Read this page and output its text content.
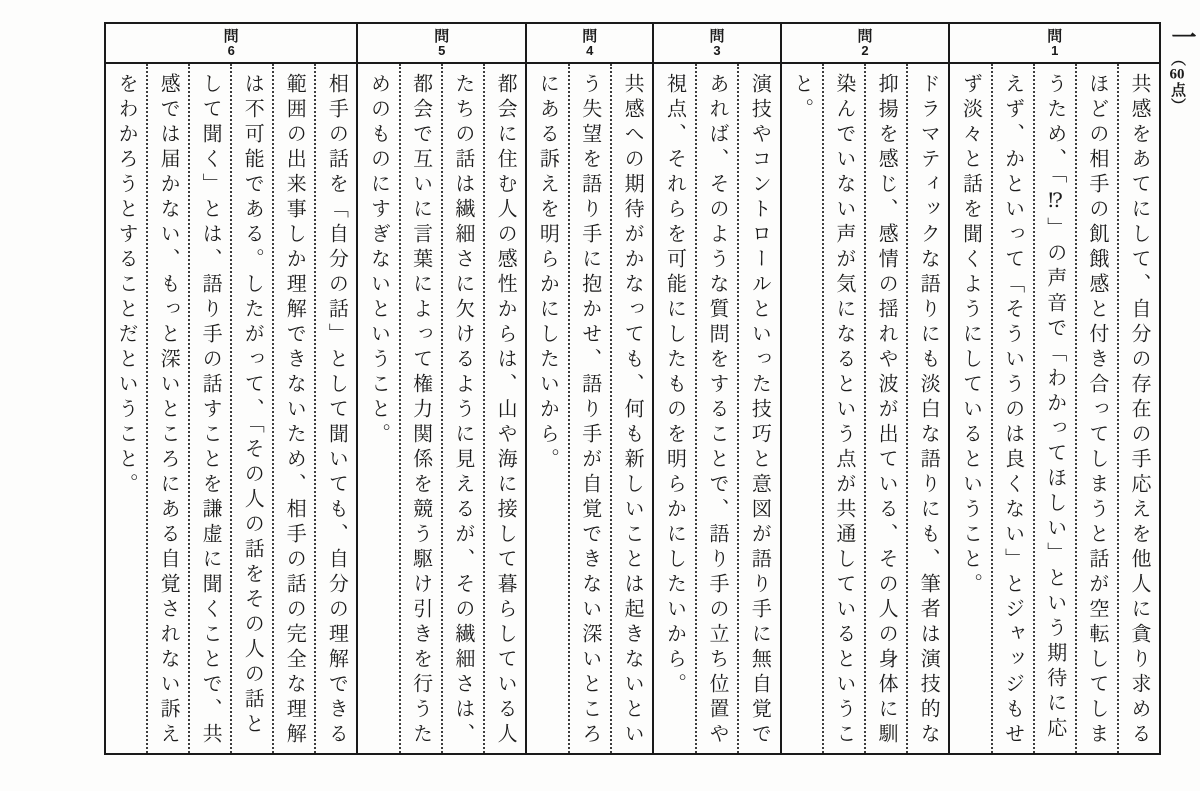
一
（60点）
問
1
共感をあてにして、自分の存在の手応えを他人に貪り求める
ほどの相手の飢餓感と付き合ってしまうと話が空転してしま
うため、「⁉」の声音で「わかってほしい」という期待に応
えず、かといって「そういうのは良くない」とジャッジもせ
ず淡々と話を聞くようにしているということ。
問
2
ドラマティックな語りにも淡白な語りにも、筆者は演技的な
抑揚を感じ、感情の揺れや波が出ている、その人の身体に馴
染んでいない声が気になるという点が共通しているというこ
と。
問
3
演技やコントロールといった技巧と意図が語り手に無自覚で
あれば、そのような質問をすることで、語り手の立ち位置や
視点、それらを可能にしたものを明らかにしたいから。
問
4
共感への期待がかなっても、何も新しいことは起きないとい
う失望を語り手に抱かせ、語り手が自覚できない深いところ
にある訴えを明らかにしたいから。
問
5
都会に住む人の感性からは、山や海に接して暮らしている人
たちの話は繊細さに欠けるように見えるが、その繊細さは、
都会で互いに言葉によって権力関係を競う駆け引きを行うた
めのものにすぎないということ。
問
6
相手の話を「自分の話」として聞いても、自分の理解できる
範囲の出来事しか理解できないため、相手の話の完全な理解
は不可能である。したがって、「その人の話をその人の話と
して聞く」とは、語り手の話すことを謙虚に聞くことで、共
感では届かない、もっと深いところにある自覚されない訴え
をわかろうとすることだということ。
